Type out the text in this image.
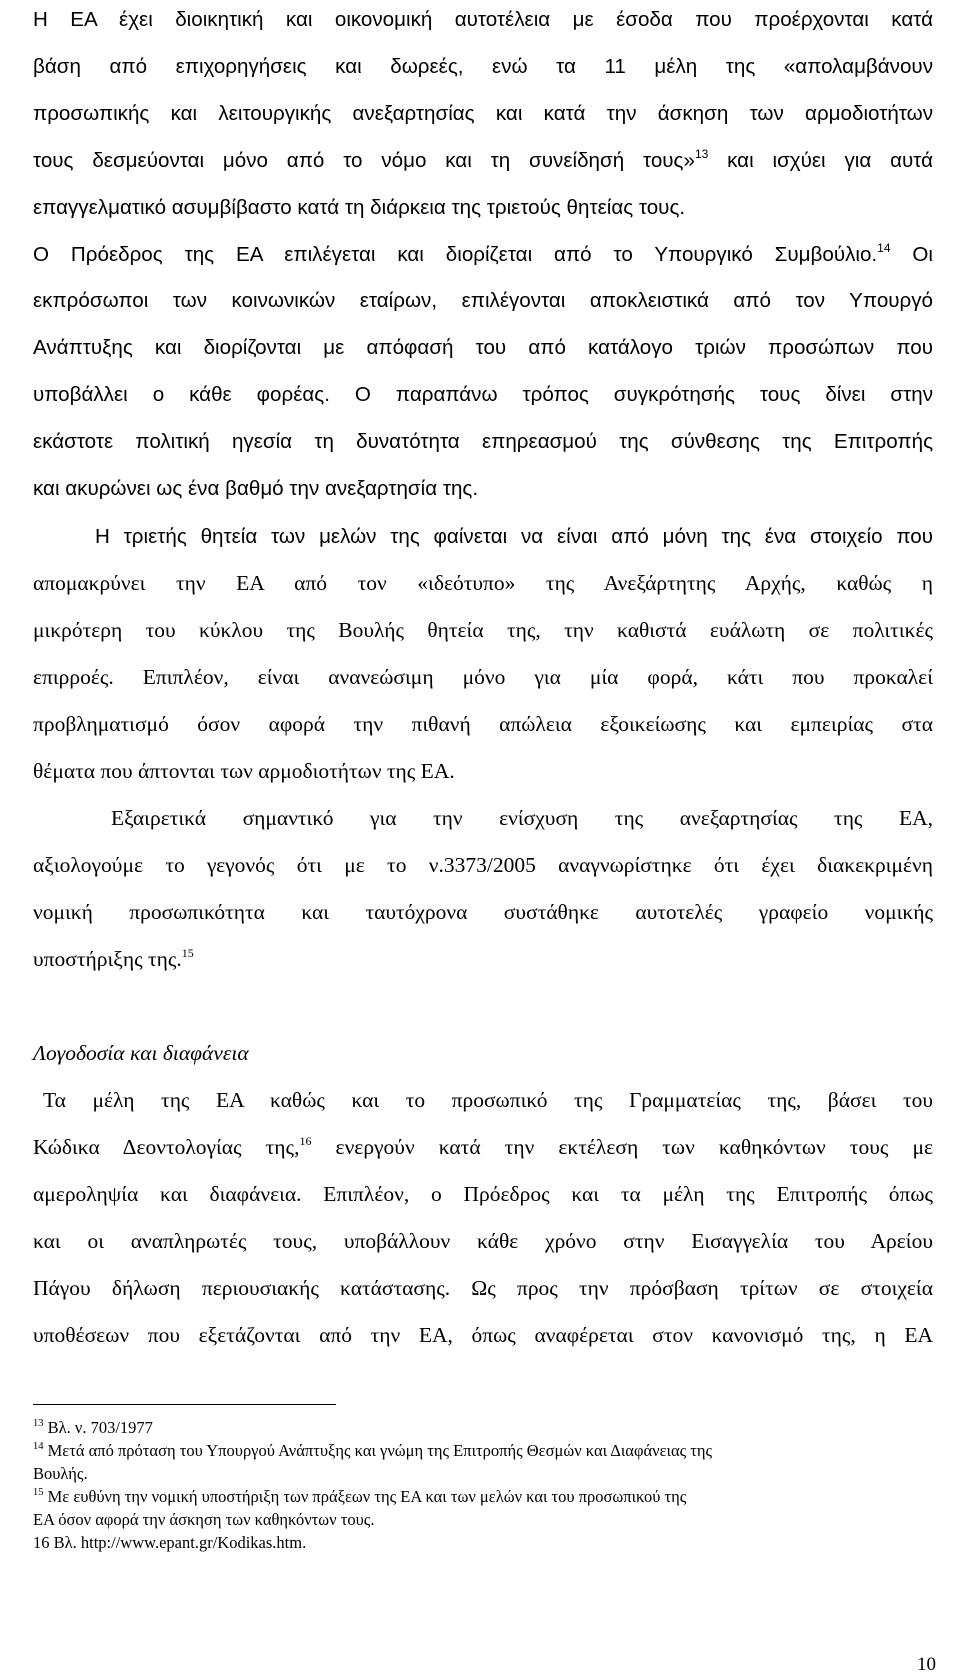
Η ΕΑ έχει διοικητική και οικονομική αυτοτέλεια με έσοδα που προέρχονται κατά
βάση από επιχορηγήσεις και δωρεές, ενώ τα 11 μέλη της «απολαμβάνουν
προσωπικής και λειτουργικής ανεξαρτησίας και κατά την άσκηση των αρμοδιοτήτων
τους δεσμεύονται μόνο από το νόμο και τη συνείδησή τους»$^{13}$ και ισχύει για αυτά
επαγγελματικό ασυμβίβαστο κατά τη διάρκεια της τριετούς θητείας τους.
Ο Πρόεδρος της ΕΑ επιλέγεται και διορίζεται από το Υπουργικό Συμβούλιο.$^{14}$ Οι
εκπρόσωποι των κοινωνικών εταίρων, επιλέγονται αποκλειστικά από τον Υπουργό
Ανάπτυξης και διορίζονται με απόφασή του από κατάλογο τριών προσώπων που
υποβάλλει ο κάθε φορέας. Ο παραπάνω τρόπος συγκρότησής τους δίνει στην
εκάστοτε πολιτική ηγεσία τη δυνατότητα επηρεασμού της σύνθεσης της Επιτροπής
και ακυρώνει ως ένα βαθμό την ανεξαρτησία της.
Η τριετής θητεία των μελών της φαίνεται να είναι από μόνη της ένα στοιχείο που
απομακρύνει την ΕΑ από τον «ιδεότυπο» της Ανεξάρτητης Αρχής, καθώς η
μικρότερη του κύκλου της Βουλής θητεία της, την καθιστά ευάλωτη σε πολιτικές
επιρροές. Επιπλέον, είναι ανανεώσιμη μόνο για μία φορά, κάτι που προκαλεί
προβληματισμό όσον αφορά την πιθανή απώλεια εξοικείωσης και εμπειρίας στα
θέματα που άπτονται των αρμοδιοτήτων της ΕΑ.
Εξαιρετικά σημαντικό για την ενίσχυση της ανεξαρτησίας της ΕΑ,
αξιολογούμε το γεγονός ότι με το ν.3373/2005 αναγνωρίστηκε ότι έχει διακεκριμένη
νομική προσωπικότητα και ταυτόχρονα συστάθηκε αυτοτελές γραφείο νομικής
υποστήριξης της.$^{15}$
Λογοδοσία και διαφάνεια
Τα μέλη της ΕΑ καθώς και το προσωπικό της Γραμματείας της, βάσει του
Κώδικα Δεοντολογίας της,$^{16}$ ενεργούν κατά την εκτέλεση των καθηκόντων τους με
αμεροληψία και διαφάνεια. Επιπλέον, ο Πρόεδρος και τα μέλη της Επιτροπής όπως
και οι αναπληρωτές τους, υποβάλλουν κάθε χρόνο στην Εισαγγελία του Αρείου
Πάγου δήλωση περιουσιακής κατάστασης. Ως προς την πρόσβαση τρίτων σε στοιχεία
υποθέσεων που εξετάζονται από την ΕΑ, όπως αναφέρεται στον κανονισμό της, η ΕΑ
$^{13}$ Βλ. ν. 703/1977
$^{14}$ Μετά από πρόταση του Υπουργού Ανάπτυξης και γνώμη της Επιτροπής Θεσμών και Διαφάνειας της
Βουλής.
$^{15}$ Με ευθύνη την νομική υποστήριξη των πράξεων της ΕΑ και των μελών και του προσωπικού της
ΕΑ όσον αφορά την άσκηση των καθηκόντων τους.
16 Βλ. http://www.epant.gr/Kodikas.htm.
10
